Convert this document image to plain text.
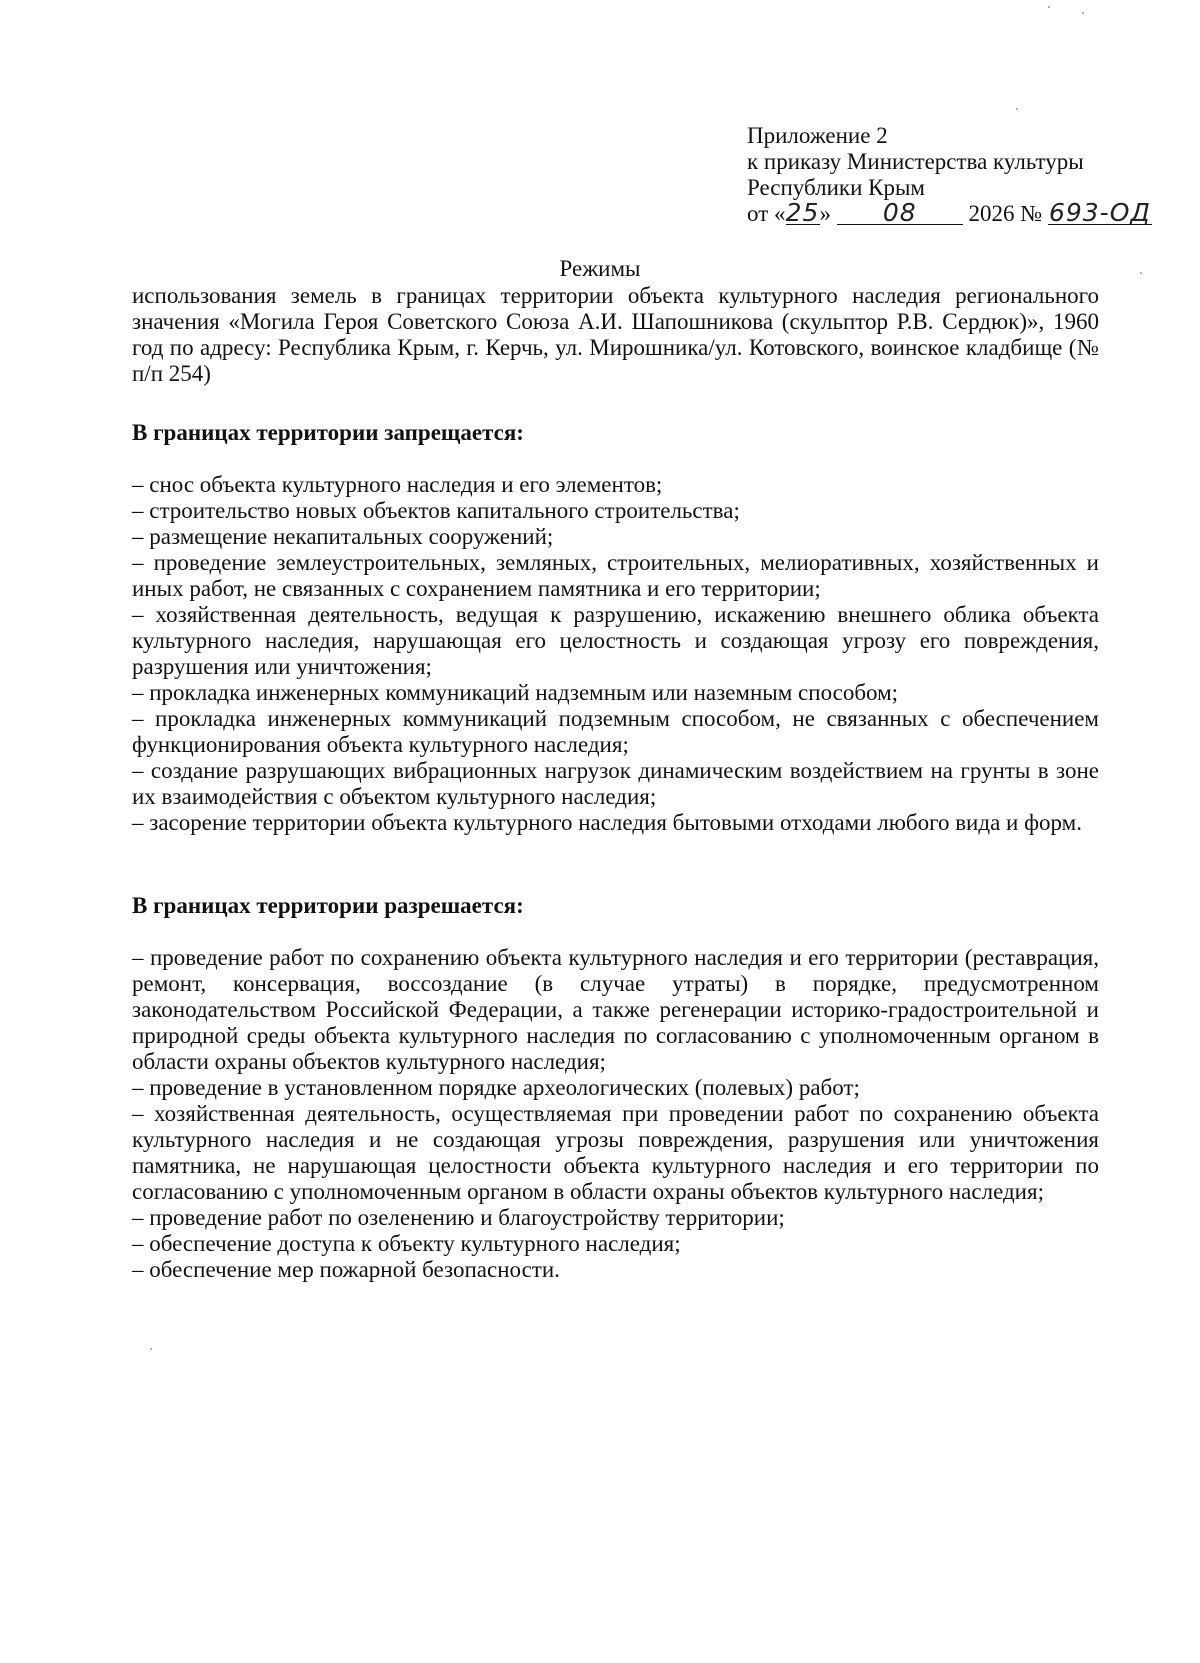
Приложение 2
к приказу Министерства культуры
Республики Крым
от «25» 08 2026 № 693-ОД
Режимы

использования земель в границах территории объекта культурного наследия регионального значения «Могила Героя Советского Союза А.И. Шапошникова (скульптор Р.В. Сердюк)», 1960 год по адресу: Республика Крым, г. Керчь, ул. Мирошника/ул. Котовского, воинское кладбище (№ п/п 254)

В границах территории запрещается:

– снос объекта культурного наследия и его элементов;

– строительство новых объектов капитального строительства;

– размещение некапитальных сооружений;

– проведение землеустроительных, земляных, строительных, мелиоративных, хозяйственных и иных работ, не связанных с сохранением памятника и его территории;

– хозяйственная деятельность, ведущая к разрушению, искажению внешнего облика объекта культурного наследия, нарушающая его целостность и создающая угрозу его повреждения, разрушения или уничтожения;

– прокладка инженерных коммуникаций надземным или наземным способом;

– прокладка инженерных коммуникаций подземным способом, не связанных с обеспечением функционирования объекта культурного наследия;

– создание разрушающих вибрационных нагрузок динамическим воздействием на грунты в зоне их взаимодействия с объектом культурного наследия;

– засорение территории объекта культурного наследия бытовыми отходами любого вида и форм.

В границах территории разрешается:

– проведение работ по сохранению объекта культурного наследия и его территории (реставрация, ремонт, консервация, воссоздание (в случае утраты) в порядке, предусмотренном законодательством Российской Федерации, а также регенерации историко-градостроительной и природной среды объекта культурного наследия по согласованию с уполномоченным органом в области охраны объектов культурного наследия;

– проведение в установленном порядке археологических (полевых) работ;

– хозяйственная деятельность, осуществляемая при проведении работ по сохранению объекта культурного наследия и не создающая угрозы повреждения, разрушения или уничтожения памятника, не нарушающая целостности объекта культурного наследия и его территории по согласованию с уполномоченным органом в области охраны объектов культурного наследия;

– проведение работ по озеленению и благоустройству территории;

– обеспечение доступа к объекту культурного наследия;

– обеспечение мер пожарной безопасности.
